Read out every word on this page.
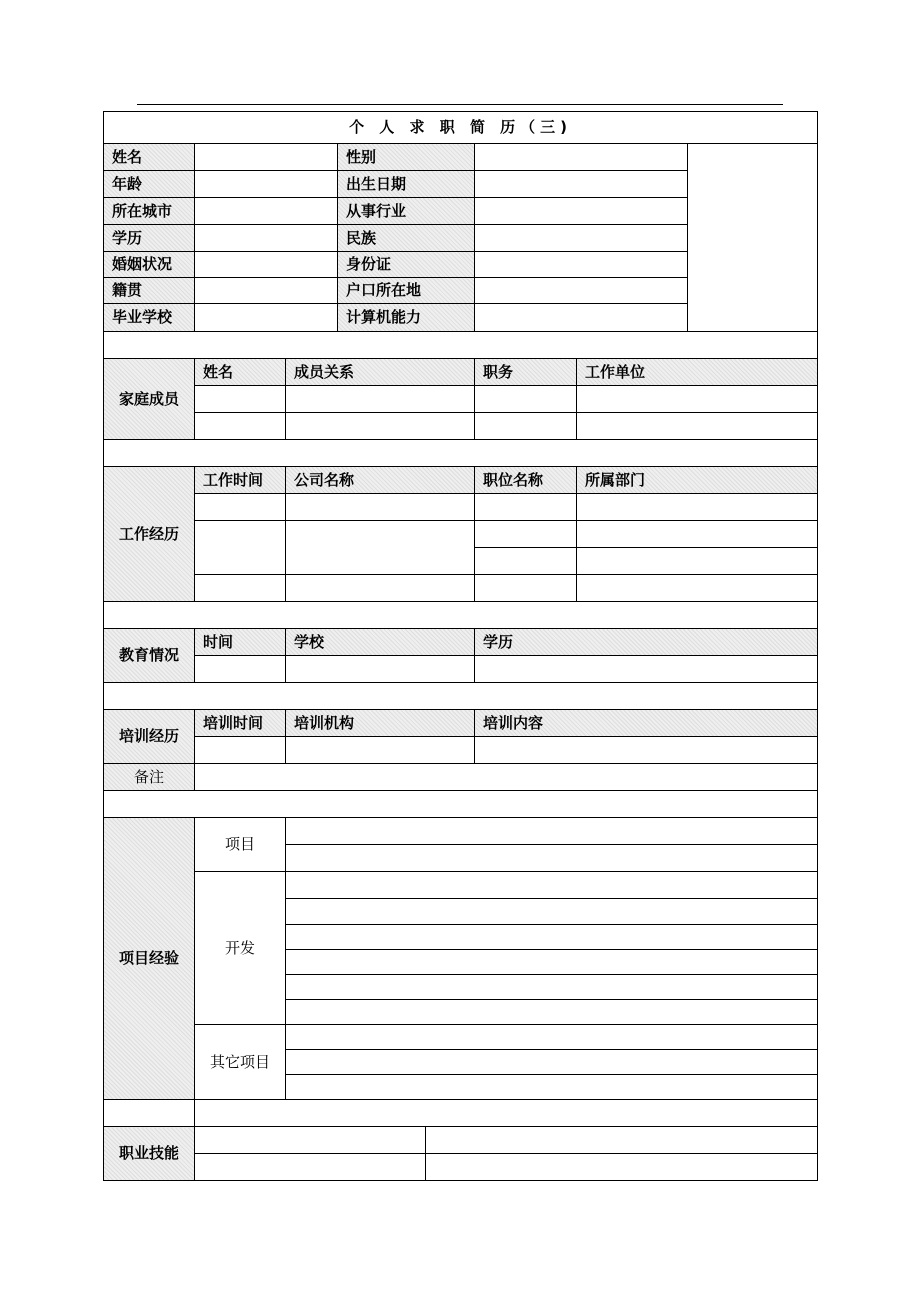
个 人 求 职 简 历（三)							
姓名			性别				
年龄			出生日期				
所在城市			从事行业				
学历			民族				
婚姻状况			身份证				
籍贯			户口所在地				
毕业学校			计算机能力				

家庭成员	姓名	成员关系			职务	工作单位	

工作经历	工作时间	公司名称			职位名称	所属部门	

教育情况	时间	学校			学历		

培训经历	培训时间	培训机构			培训内容		

备注							

项目经验	项目						

	开发						

	其它项目						

职业技能							
